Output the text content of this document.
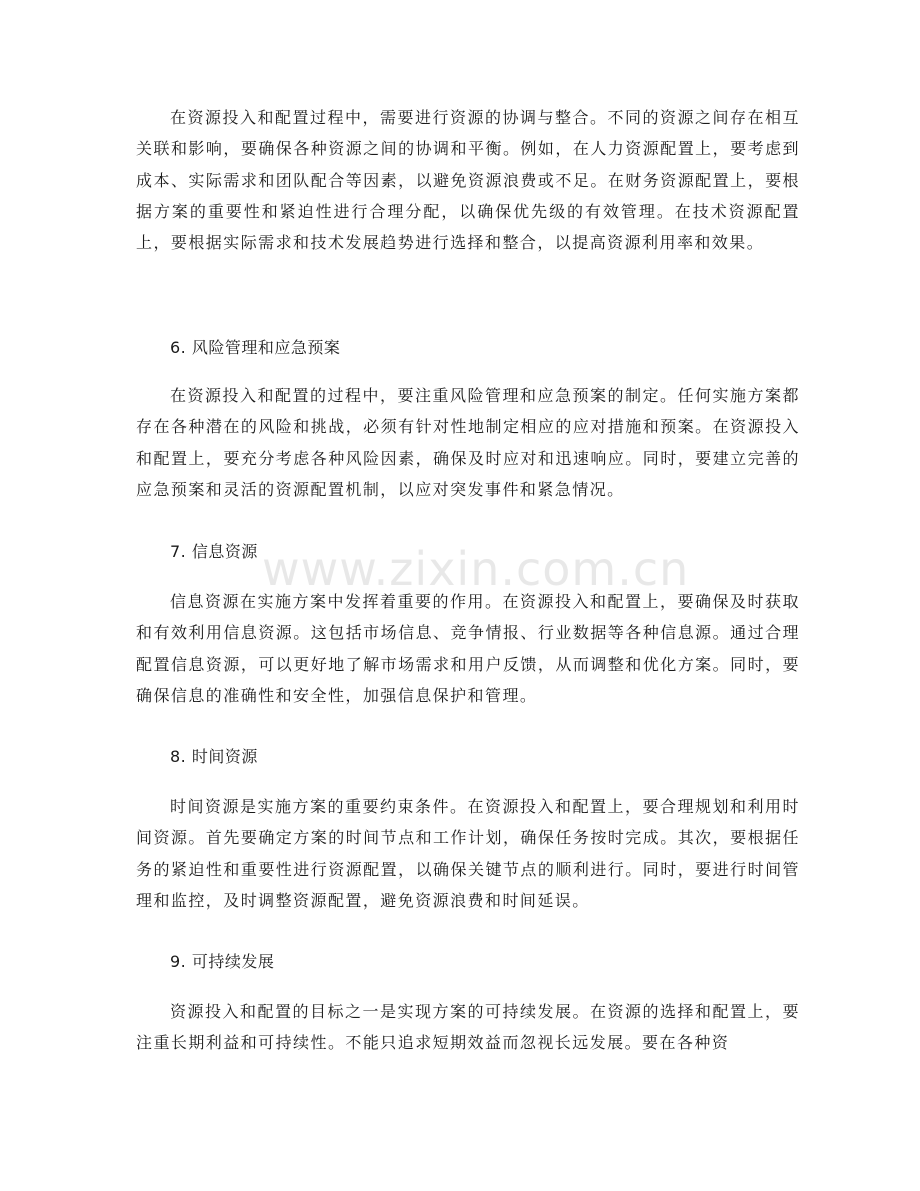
在资源投入和配置过程中，需要进行资源的协调与整合。不同的资源之间存在相互关联和影响，要确保各种资源之间的协调和平衡。例如，在人力资源配置上，要考虑到成本、实际需求和团队配合等因素，以避免资源浪费或不足。在财务资源配置上，要根据方案的重要性和紧迫性进行合理分配，以确保优先级的有效管理。在技术资源配置上，要根据实际需求和技术发展趋势进行选择和整合，以提高资源利用率和效果。

6. 风险管理和应急预案

在资源投入和配置的过程中，要注重风险管理和应急预案的制定。任何实施方案都存在各种潜在的风险和挑战，必须有针对性地制定相应的应对措施和预案。在资源投入和配置上，要充分考虑各种风险因素，确保及时应对和迅速响应。同时，要建立完善的应急预案和灵活的资源配置机制，以应对突发事件和紧急情况。

7. 信息资源

信息资源在实施方案中发挥着重要的作用。在资源投入和配置上，要确保及时获取和有效利用信息资源。这包括市场信息、竞争情报、行业数据等各种信息源。通过合理配置信息资源，可以更好地了解市场需求和用户反馈，从而调整和优化方案。同时，要确保信息的准确性和安全性，加强信息保护和管理。

8. 时间资源

时间资源是实施方案的重要约束条件。在资源投入和配置上，要合理规划和利用时间资源。首先要确定方案的时间节点和工作计划，确保任务按时完成。其次，要根据任务的紧迫性和重要性进行资源配置，以确保关键节点的顺利进行。同时，要进行时间管理和监控，及时调整资源配置，避免资源浪费和时间延误。

9. 可持续发展

资源投入和配置的目标之一是实现方案的可持续发展。在资源的选择和配置上，要注重长期利益和可持续性。不能只追求短期效益而忽视长远发展。要在各种资

www.zixin.com.cn
